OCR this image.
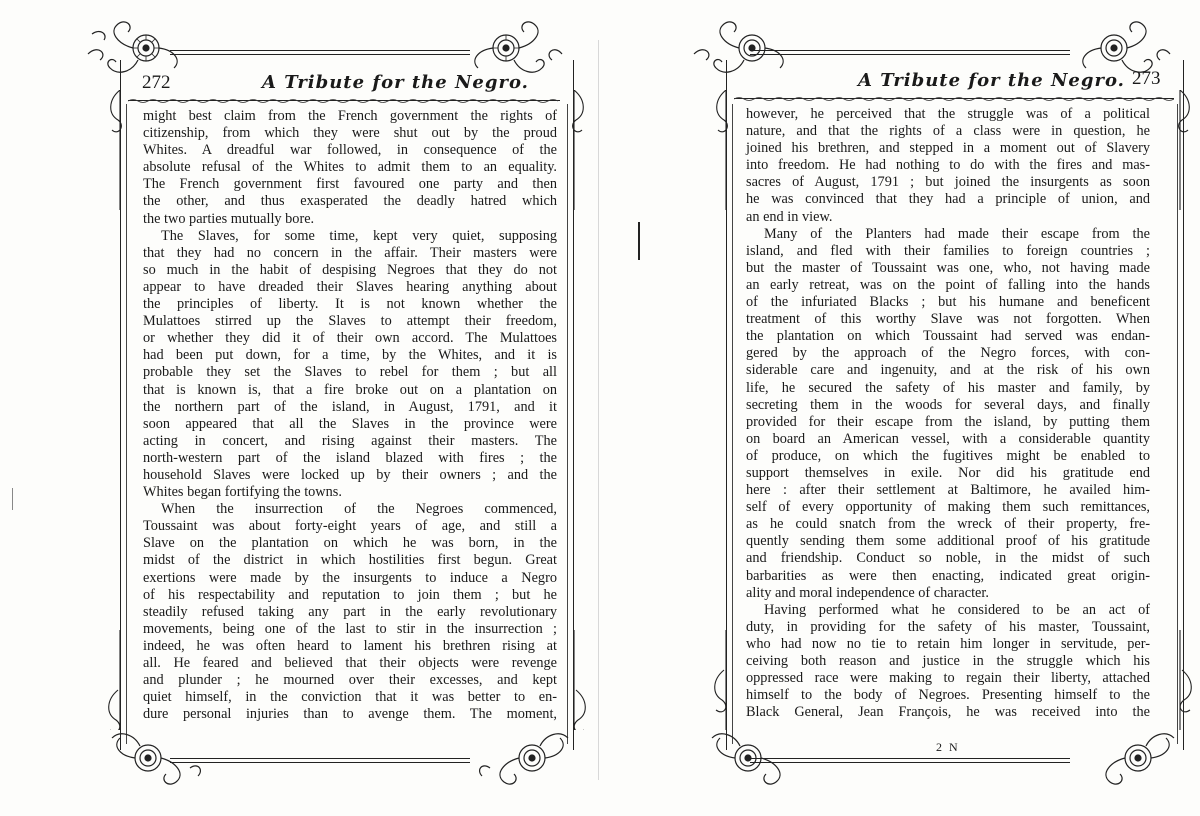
272	A Tribute for the Negro.

might best claim from the French government the rights of
citizenship, from which they were shut out by the proud
Whites. A dreadful war followed, in consequence of the
absolute refusal of the Whites to admit them to an equality.
The French government first favoured one party and then
the other, and thus exasperated the deadly hatred which
the two parties mutually bore.

The Slaves, for some time, kept very quiet, supposing
that they had no concern in the affair. Their masters were
so much in the habit of despising Negroes that they do not
appear to have dreaded their Slaves hearing anything about
the principles of liberty. It is not known whether the
Mulattoes stirred up the Slaves to attempt their freedom,
or whether they did it of their own accord. The Mulattoes
had been put down, for a time, by the Whites, and it is
probable they set the Slaves to rebel for them ; but all
that is known is, that a fire broke out on a plantation on
the northern part of the island, in August, 1791, and it
soon appeared that all the Slaves in the province were
acting in concert, and rising against their masters. The
north-western part of the island blazed with fires ; the
household Slaves were locked up by their owners ; and the
Whites began fortifying the towns.

When the insurrection of the Negroes commenced,
Toussaint was about forty-eight years of age, and still a
Slave on the plantation on which he was born, in the
midst of the district in which hostilities first begun. Great
exertions were made by the insurgents to induce a Negro
of his respectability and reputation to join them ; but he
steadily refused taking any part in the early revolutionary
movements, being one of the last to stir in the insurrection ;
indeed, he was often heard to lament his brethren rising at
all. He feared and believed that their objects were revenge
and plunder ; he mourned over their excesses, and kept
quiet himself, in the conviction that it was better to en-
dure personal injuries than to avenge them. The moment,

A Tribute for the Negro. 273

however, he perceived that the struggle was of a political
nature, and that the rights of a class were in question, he
joined his brethren, and stepped in a moment out of Slavery
into freedom. He had nothing to do with the fires and mas-
sacres of August, 1791 ; but joined the insurgents as soon
he was convinced that they had a principle of union, and
an end in view.

Many of the Planters had made their escape from the
island, and fled with their families to foreign countries ;
but the master of Toussaint was one, who, not having made
an early retreat, was on the point of falling into the hands
of the infuriated Blacks ; but his humane and beneficent
treatment of this worthy Slave was not forgotten. When
the plantation on which Toussaint had served was endan-
gered by the approach of the Negro forces, with con-
siderable care and ingenuity, and at the risk of his own
life, he secured the safety of his master and family, by
secreting them in the woods for several days, and finally
provided for their escape from the island, by putting them
on board an American vessel, with a considerable quantity
of produce, on which the fugitives might be enabled to
support themselves in exile. Nor did his gratitude end
here : after their settlement at Baltimore, he availed him-
self of every opportunity of making them such remittances,
as he could snatch from the wreck of their property, fre-
quently sending them some additional proof of his gratitude
and friendship. Conduct so noble, in the midst of such
barbarities as were then enacting, indicated great origin-
ality and moral independence of character.

Having performed what he considered to be an act of
duty, in providing for the safety of his master, Toussaint,
who had now no tie to retain him longer in servitude, per-
ceiving both reason and justice in the struggle which his
oppressed race were making to regain their liberty, attached
himself to the body of Negroes. Presenting himself to the
Black General, Jean François, he was received into the

2 N
